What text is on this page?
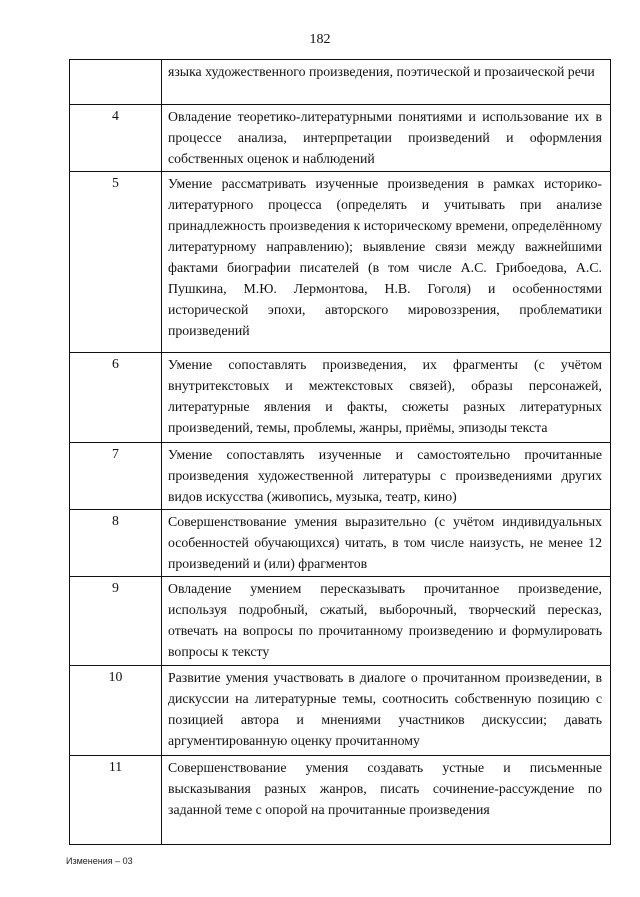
182
	языка художественного произведения, поэтической и прозаической речи
4	Овладение теоретико-литературными понятиями и использование их в процессе анализа, интерпретации произведений и оформления собственных оценок и наблюдений
5	Умение рассматривать изученные произведения в рамках историко-литературного процесса (определять и учитывать при анализе принадлежность произведения к историческому времени, определённому литературному направлению); выявление связи между важнейшими фактами биографии писателей (в том числе А.С. Грибоедова, А.С. Пушкина, М.Ю. Лермонтова, Н.В. Гоголя) и особенностями исторической эпохи, авторского мировоззрения, проблематики произведений
6	Умение сопоставлять произведения, их фрагменты (с учётом внутритекстовых и межтекстовых связей), образы персонажей, литературные явления и факты, сюжеты разных литературных произведений, темы, проблемы, жанры, приёмы, эпизоды текста
7	Умение сопоставлять изученные и самостоятельно прочитанные произведения художественной литературы с произведениями других видов искусства (живопись, музыка, театр, кино)
8	Совершенствование умения выразительно (с учётом индивидуальных особенностей обучающихся) читать, в том числе наизусть, не менее 12 произведений и (или) фрагментов
9	Овладение умением пересказывать прочитанное произведение, используя подробный, сжатый, выборочный, творческий пересказ, отвечать на вопросы по прочитанному произведению и формулировать вопросы к тексту
10	Развитие умения участвовать в диалоге о прочитанном произведении, в дискуссии на литературные темы, соотносить собственную позицию с позицией автора и мнениями участников дискуссии; давать аргументированную оценку прочитанному
11	Совершенствование умения создавать устные и письменные высказывания разных жанров, писать сочинение-рассуждение по заданной теме с опорой на прочитанные произведения
Изменения – 03
